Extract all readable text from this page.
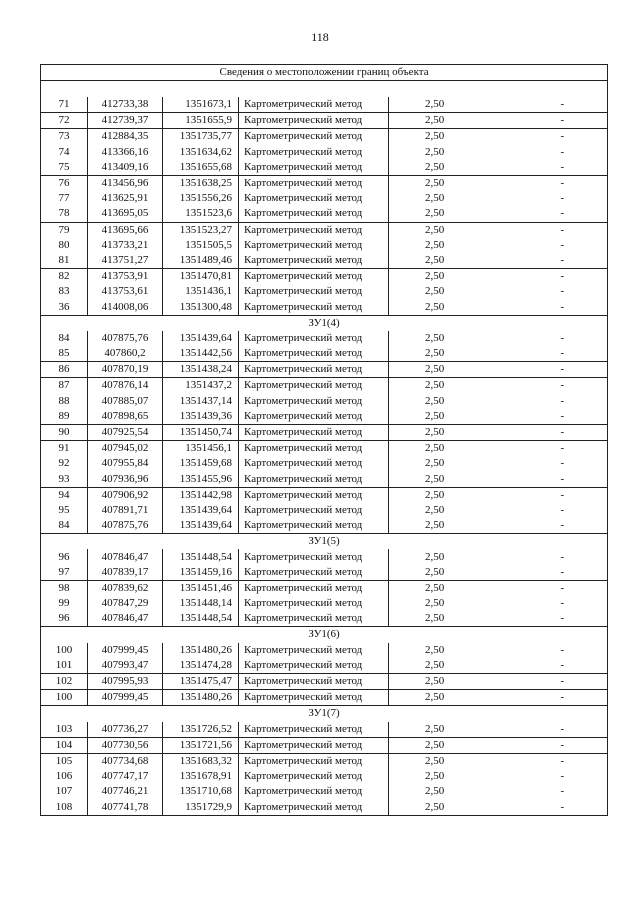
118
Сведения о местоположении границ объекта					

71	412733,38	1351673,1	Картометрический метод	2,50	-
72	412739,37	1351655,9	Картометрический метод	2,50	-
73	412884,35	1351735,77	Картометрический метод	2,50	-
74	413366,16	1351634,62	Картометрический метод	2,50	-
75	413409,16	1351655,68	Картометрический метод	2,50	-
76	413456,96	1351638,25	Картометрический метод	2,50	-
77	413625,91	1351556,26	Картометрический метод	2,50	-
78	413695,05	1351523,6	Картометрический метод	2,50	-
79	413695,66	1351523,27	Картометрический метод	2,50	-
80	413733,21	1351505,5	Картометрический метод	2,50	-
81	413751,27	1351489,46	Картометрический метод	2,50	-
82	413753,91	1351470,81	Картометрический метод	2,50	-
83	413753,61	1351436,1	Картометрический метод	2,50	-
36	414008,06	1351300,48	Картометрический метод	2,50	-
ЗУ1(4)					
84	407875,76	1351439,64	Картометрический метод	2,50	-
85	407860,2	1351442,56	Картометрический метод	2,50	-
86	407870,19	1351438,24	Картометрический метод	2,50	-
87	407876,14	1351437,2	Картометрический метод	2,50	-
88	407885,07	1351437,14	Картометрический метод	2,50	-
89	407898,65	1351439,36	Картометрический метод	2,50	-
90	407925,54	1351450,74	Картометрический метод	2,50	-
91	407945,02	1351456,1	Картометрический метод	2,50	-
92	407955,84	1351459,68	Картометрический метод	2,50	-
93	407936,96	1351455,96	Картометрический метод	2,50	-
94	407906,92	1351442,98	Картометрический метод	2,50	-
95	407891,71	1351439,64	Картометрический метод	2,50	-
84	407875,76	1351439,64	Картометрический метод	2,50	-
ЗУ1(5)					
96	407846,47	1351448,54	Картометрический метод	2,50	-
97	407839,17	1351459,16	Картометрический метод	2,50	-
98	407839,62	1351451,46	Картометрический метод	2,50	-
99	407847,29	1351448,14	Картометрический метод	2,50	-
96	407846,47	1351448,54	Картометрический метод	2,50	-
ЗУ1(6)					
100	407999,45	1351480,26	Картометрический метод	2,50	-
101	407993,47	1351474,28	Картометрический метод	2,50	-
102	407995,93	1351475,47	Картометрический метод	2,50	-
100	407999,45	1351480,26	Картометрический метод	2,50	-
ЗУ1(7)					
103	407736,27	1351726,52	Картометрический метод	2,50	-
104	407730,56	1351721,56	Картометрический метод	2,50	-
105	407734,68	1351683,32	Картометрический метод	2,50	-
106	407747,17	1351678,91	Картометрический метод	2,50	-
107	407746,21	1351710,68	Картометрический метод	2,50	-
108	407741,78	1351729,9	Картометрический метод	2,50	-
